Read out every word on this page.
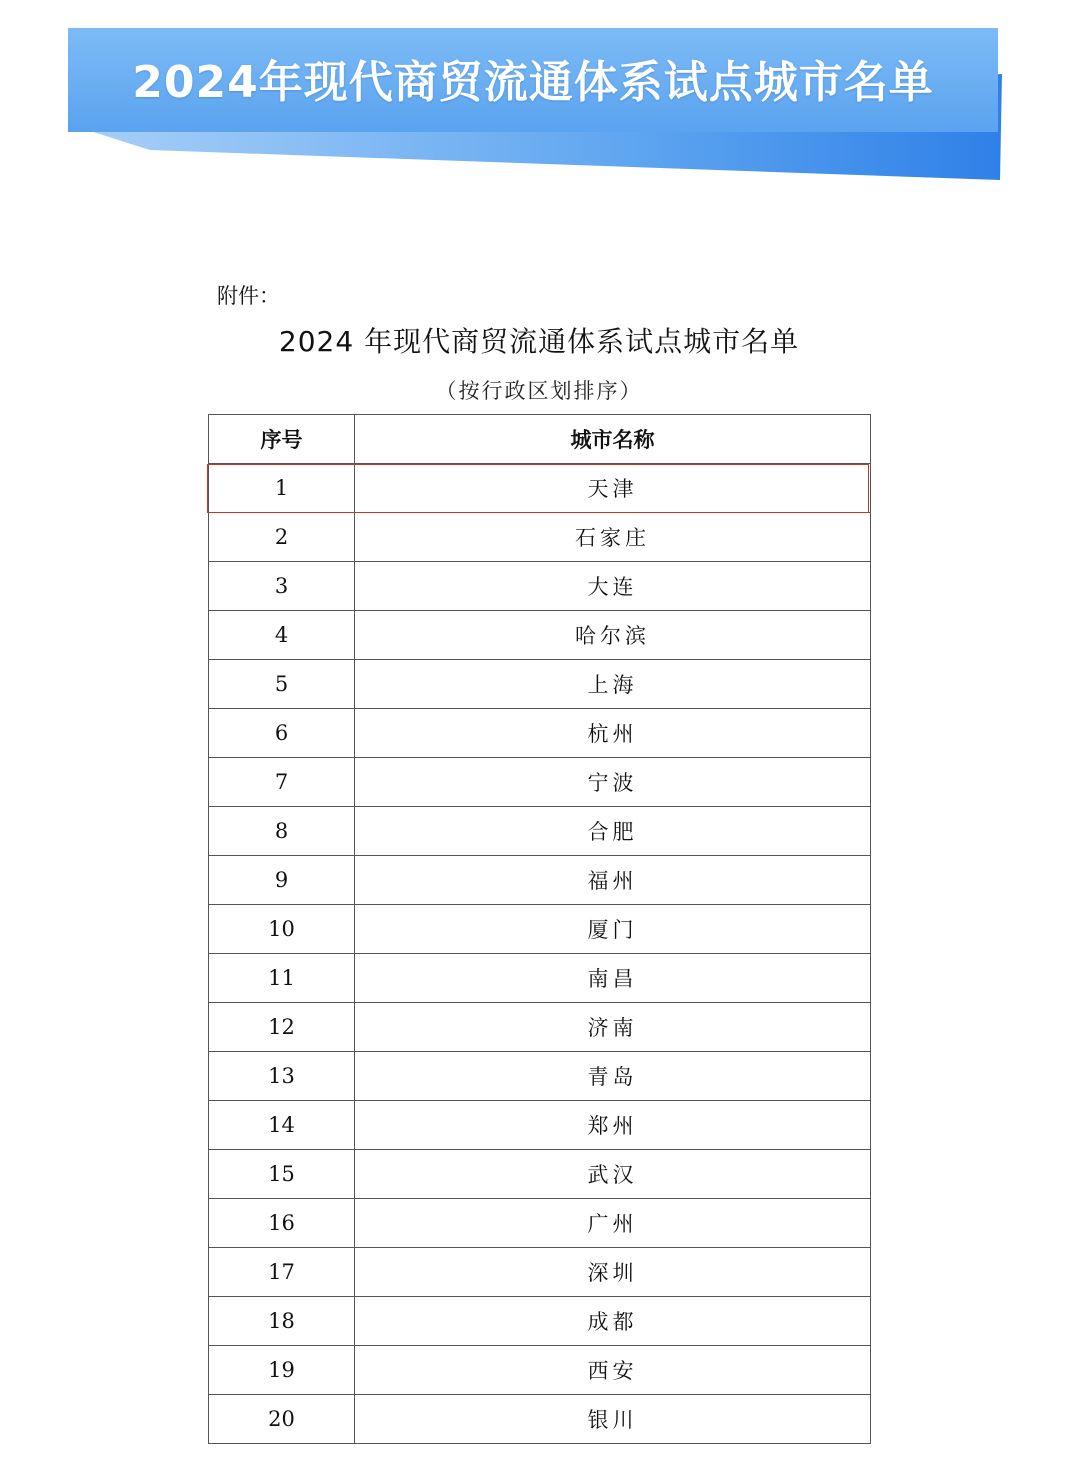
2024年现代商贸流通体系试点城市名单
附件：
2024 年现代商贸流通体系试点城市名单
（按行政区划排序）
序号	城市名称
1	天津
2	石家庄
3	大连
4	哈尔滨
5	上海
6	杭州
7	宁波
8	合肥
9	福州
10	厦门
11	南昌
12	济南
13	青岛
14	郑州
15	武汉
16	广州
17	深圳
18	成都
19	西安
20	银川
